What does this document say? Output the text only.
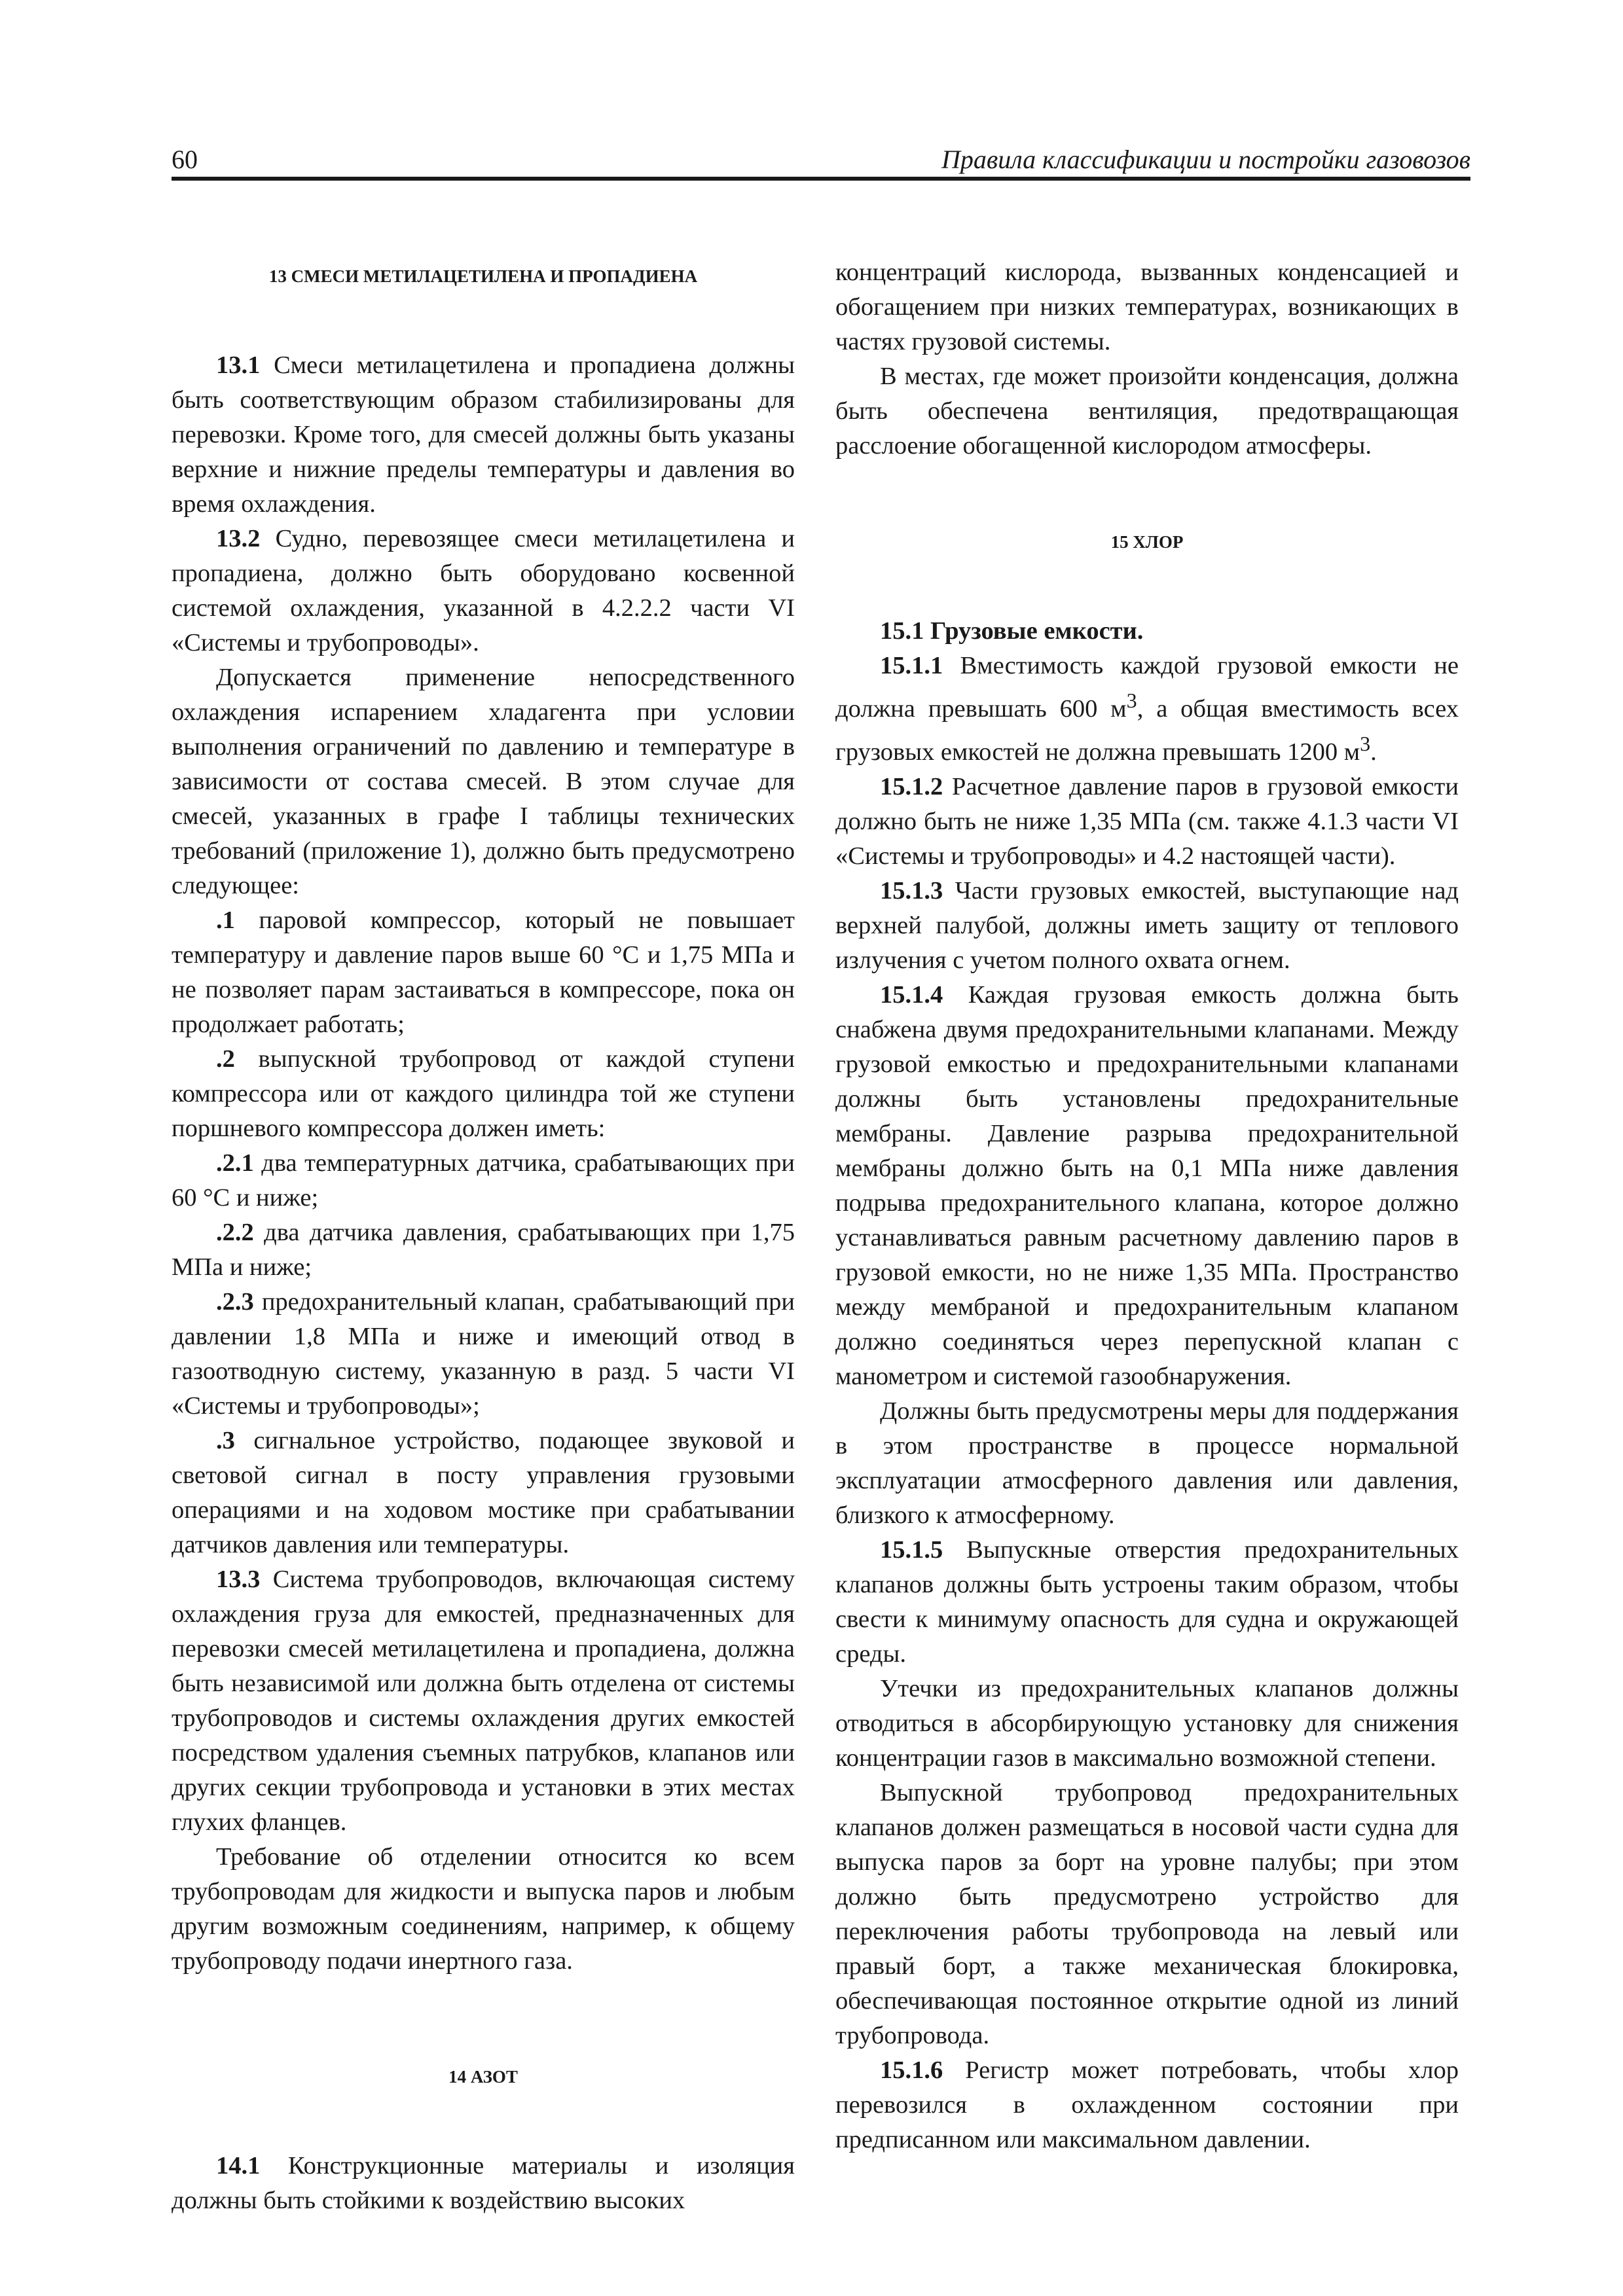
60	Правила классификации и постройки газовозов

13 СМЕСИ МЕТИЛАЦЕТИЛЕНА И ПРОПАДИЕНА

13.1 Смеси метилацетилена и пропадиена должны быть соответствующим образом стабилизированы для перевозки. Кроме того, для смесей должны быть указаны верхние и нижние пределы температуры и давления во время охлаждения.

13.2 Судно, перевозящее смеси метилацетилена и пропадиена, должно быть оборудовано косвенной системой охлаждения, указанной в 4.2.2.2 части VI «Системы и трубопроводы».

Допускается применение непосредственного охлаждения испарением хладагента при условии выполнения ограничений по давлению и температуре в зависимости от состава смесей. В этом случае для смесей, указанных в графе I таблицы технических требований (приложение 1), должно быть предусмотрено следующее:

.1 паровой компрессор, который не повышает температуру и давление паров выше 60 °С и 1,75 МПа и не позволяет парам застаиваться в компрессоре, пока он продолжает работать;

.2 выпускной трубопровод от каждой ступени компрессора или от каждого цилиндра той же ступени поршневого компрессора должен иметь:

.2.1 два температурных датчика, срабатывающих при 60 °С и ниже;

.2.2 два датчика давления, срабатывающих при 1,75 МПа и ниже;

.2.3 предохранительный клапан, срабатывающий при давлении 1,8 МПа и ниже и имеющий отвод в газоотводную систему, указанную в разд. 5 части VI «Системы и трубопроводы»;

.3 сигнальное устройство, подающее звуковой и световой сигнал в посту управления грузовыми операциями и на ходовом мостике при срабатывании датчиков давления или температуры.

13.3 Система трубопроводов, включающая систему охлаждения груза для емкостей, предназначенных для перевозки смесей метилацетилена и пропадиена, должна быть независимой или должна быть отделена от системы трубопроводов и системы охлаждения других емкостей посредством удаления съемных патрубков, клапанов или других секции трубопровода и установки в этих местах глухих фланцев.

Требование об отделении относится ко всем трубопроводам для жидкости и выпуска паров и любым другим возможным соединениям, например, к общему трубопроводу подачи инертного газа.

14 АЗОТ

14.1 Конструкционные материалы и изоляция должны быть стойкими к воздействию высоких

концентраций кислорода, вызванных конденсацией и обогащением при низких температурах, возникающих в частях грузовой системы.

В местах, где может произойти конденсация, должна быть обеспечена вентиляция, предотвращающая расслоение обогащенной кислородом атмосферы.

15 ХЛОР

15.1 Грузовые емкости.

15.1.1 Вместимость каждой грузовой емкости не должна превышать 600 $м^3$, а общая вместимость всех грузовых емкостей не должна превышать 1200 $м^3$.

15.1.2 Расчетное давление паров в грузовой емкости должно быть не ниже 1,35 МПа (см. также 4.1.3 части VI «Системы и трубопроводы» и 4.2 настоящей части).

15.1.3 Части грузовых емкостей, выступающие над верхней палубой, должны иметь защиту от теплового излучения с учетом полного охвата огнем.

15.1.4 Каждая грузовая емкость должна быть снабжена двумя предохранительными клапанами. Между грузовой емкостью и предохранительными клапанами должны быть установлены предохранительные мембраны. Давление разрыва предохранительной мембраны должно быть на 0,1 МПа ниже давления подрыва предохранительного клапана, которое должно устанавливаться равным расчетному давлению паров в грузовой емкости, но не ниже 1,35 МПа. Пространство между мембраной и предохранительным клапаном должно соединяться через перепускной клапан с манометром и системой газообнаружения.

Должны быть предусмотрены меры для поддержания в этом пространстве в процессе нормальной эксплуатации атмосферного давления или давления, близкого к атмосферному.

15.1.5 Выпускные отверстия предохранительных клапанов должны быть устроены таким образом, чтобы свести к минимуму опасность для судна и окружающей среды.

Утечки из предохранительных клапанов должны отводиться в абсорбирующую установку для снижения концентрации газов в максимально возможной степени.

Выпускной трубопровод предохранительных клапанов должен размещаться в носовой части судна для выпуска паров за борт на уровне палубы; при этом должно быть предусмотрено устройство для переключения работы трубопровода на левый или правый борт, а также механическая блокировка, обеспечивающая постоянное открытие одной из линий трубопровода.

15.1.6 Регистр может потребовать, чтобы хлор перевозился в охлажденном состоянии при предписанном или максимальном давлении.
